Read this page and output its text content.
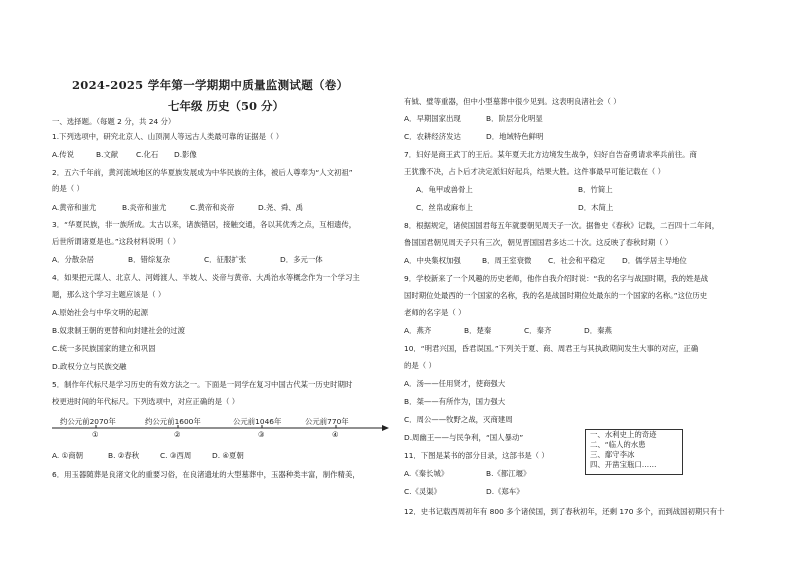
2024-2025 学年第一学期期中质量监测试题（卷）
七年级 历史（50 分）
一、选择题。（每题 2 分，共 24 分）
1.下列选项中，研究北京人、山顶洞人等远古人类最可靠的证据是（ ）
A.传说	B.文献 C.化石 D.影像
2．五六千年前，黄河流域地区的华夏族发展成为中华民族的主体，被后人尊奉为“人文初祖”
的是（ ）
A.黄帝和蚩尤	B.炎帝和蚩尤	C.黄帝和炎帝	D.尧、舜、禹
3．“华夏民族，非一族所成。太古以来，诸族错居，接触交通，各以其优秀之点，互相遗传，
后世所谓诸夏是也。”这段材料说明（ ）
A．分散杂居	B．错综复杂	C．征服扩张	D．多元一体
4．如果把元谋人、北京人、河姆渡人、半坡人、炎帝与黄帝、大禹治水等概念作为一个学习主
题，那么这个学习主题应该是（ ）
A.原始社会与中华文明的起源
B.奴隶制王朝的更替和向封建社会的过渡
C.统一多民族国家的建立和巩固
D.政权分立与民族交融
5．制作年代标尺是学习历史的有效方法之一。下面是一同学在复习中国古代某一历史时期时
校更进时间的年代标尺。下列选项中，对应正确的是（ ）
约公元前2070年	约公元前1600年	公元前1046年	公元前770年
①	②	③	④
A. ①商朝	B. ②春秋	C. ③西周	D. ④夏朝
6．用玉器随葬是良渚文化的重要习俗，在良渚遗址的大型墓葬中，玉器种类丰富，制作精美，
有钺、璧等重器，但中小型墓葬中很少见到。这表明良渚社会（ ）
A．早期国家出现	B．阶层分化明显
C．农耕经济发达	D．地域特色鲜明
7．妇好是商王武丁的王后。某年夏天北方边境发生战争，妇好自告奋勇请求率兵前往。商
王犹豫不决，占卜后才决定派妇好起兵，结果大胜。这件事最早可能记载在（ ）
A．龟甲或兽骨上	B．竹简上
C．丝帛或麻布上	D．木简上
8．根据规定，诸侯国国君每五年就要朝见周天子一次。据鲁史《春秋》记载，二百四十二年间，
鲁国国君朝见周天子只有三次，朝见晋国国君多达二十次。这反映了春秋时期（ ）
A．中央集权加强	B．周王室衰微 C．社会和平稳定 D．儒学居主导地位
9．学校新来了一个风趣的历史老师，他作自我介绍时说：“我的名字与战国时期，我的姓是战
国时期位处最西的一个国家的名称，我的名是战国时期位处最东的一个国家的名称。”这位历史
老师的名字是（ ）
A．燕齐	B．楚秦	C．秦齐	D．秦燕
10．“明君兴国，昏君误国。”下列关于夏、商、周君王与其执政期间发生大事的对应，正确
的是（ ）
A．汤——任用贤才，使商强大
B．桀——有所作为，国力强大
C．周公——牧野之战，灭商建周
D.周幽王——与民争利，“国人暴动”
11．下图是某书的部分目录，这部书是（ ）
A.《秦长城》	B.《都江堰》
C.《灵渠》	D.《郑车》
一、水利史上的奇迹
二、“临人的水患
三、鄢守李冰
四、开凿宝瓶口……
12．史书记载西周初年有 800 多个诸侯国，到了春秋初年，还剩 170 多个，而到战国初期只有十
